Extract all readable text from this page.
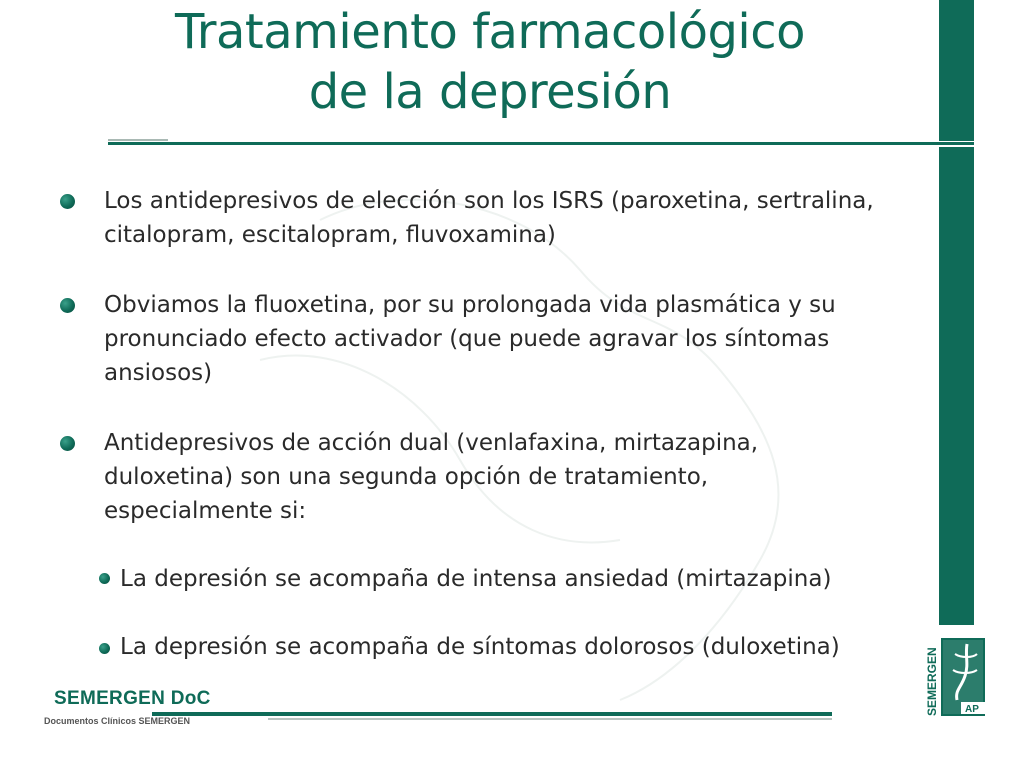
Tratamiento farmacológico
de la depresión
Los antidepresivos de elección son los ISRS (paroxetina, sertralina, citalopram, escitalopram, fluvoxamina)
Obviamos la fluoxetina, por su prolongada vida plasmática y su pronunciado efecto activador (que puede agravar los síntomas ansiosos)
Antidepresivos de acción dual (venlafaxina, mirtazapina, duloxetina) son una segunda opción de tratamiento, especialmente si:
La depresión se acompaña de intensa ansiedad (mirtazapina)
La depresión se acompaña de síntomas dolorosos (duloxetina)
SEMERGEN DoC
Documentos Clínicos SEMERGEN
SEMERGEN	AP
